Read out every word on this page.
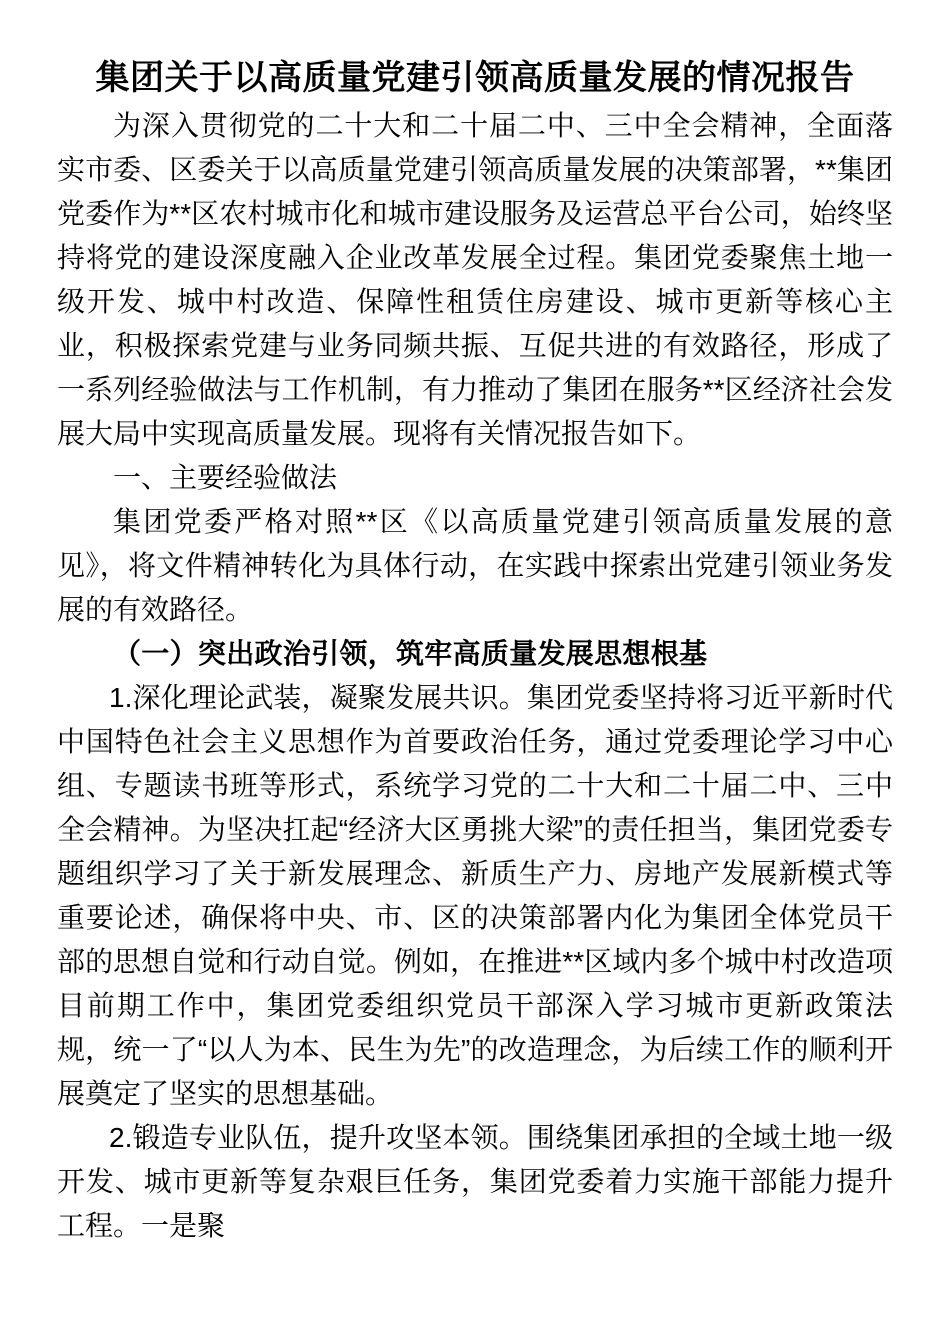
集团关于以高质量党建引领高质量发展的情况报告

为深入贯彻党的二十大和二十届二中、三中全会精神，全面落实市委、区委关于以高质量党建引领高质量发展的决策部署，**集团党委作为**区农村城市化和城市建设服务及运营总平台公司，始终坚持将党的建设深度融入企业改革发展全过程。集团党委聚焦土地一级开发、城中村改造、保障性租赁住房建设、城市更新等核心主业，积极探索党建与业务同频共振、互促共进的有效路径，形成了一系列经验做法与工作机制，有力推动了集团在服务**区经济社会发展大局中实现高质量发展。现将有关情况报告如下。

一、主要经验做法

集团党委严格对照**区《以高质量党建引领高质量发展的意见》，将文件精神转化为具体行动，在实践中探索出党建引领业务发展的有效路径。

（一）突出政治引领，筑牢高质量发展思想根基

1.深化理论武装，凝聚发展共识。集团党委坚持将习近平新时代中国特色社会主义思想作为首要政治任务，通过党委理论学习中心组、专题读书班等形式，系统学习党的二十大和二十届二中、三中全会精神。为坚决扛起“经济大区勇挑大梁”的责任担当，集团党委专题组织学习了关于新发展理念、新质生产力、房地产发展新模式等重要论述，确保将中央、市、区的决策部署内化为集团全体党员干部的思想自觉和行动自觉。例如，在推进**区域内多个城中村改造项目前期工作中，集团党委组织党员干部深入学习城市更新政策法规，统一了“以人为本、民生为先”的改造理念，为后续工作的顺利开展奠定了坚实的思想基础。

2.锻造专业队伍，提升攻坚本领。围绕集团承担的全域土地一级开发、城市更新等复杂艰巨任务，集团党委着力实施干部能力提升工程。一是聚
